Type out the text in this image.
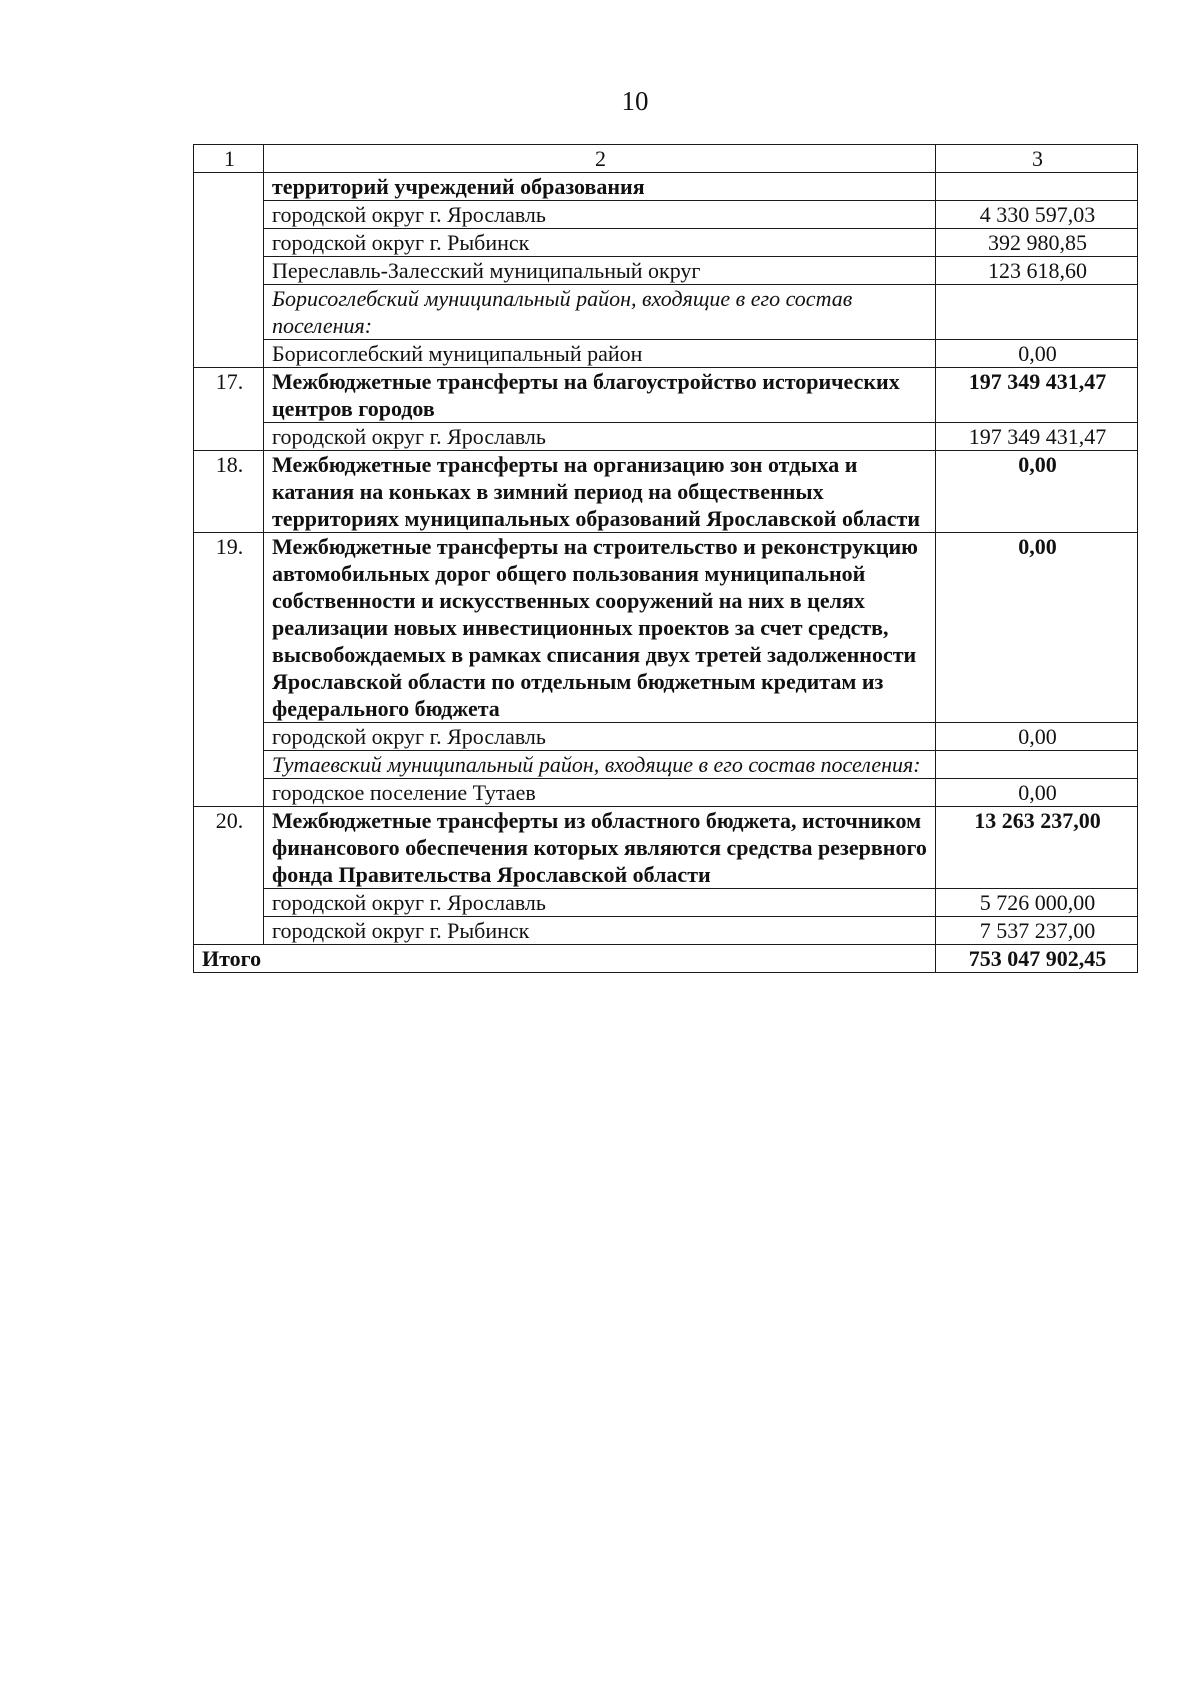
10
1	2	3
	территорий учреждений образования	
	городской округ г. Ярославль	4 330 597,03
	городской округ г. Рыбинск	392 980,85
	Переславль-Залесский муниципальный округ	123 618,60
	Борисоглебский муниципальный район, входящие в его состав поселения:	
	Борисоглебский муниципальный район	0,00
17.	Межбюджетные трансферты на благоустройство исторических центров городов	197 349 431,47
	городской округ г. Ярославль	197 349 431,47
18.	Межбюджетные трансферты на организацию зон отдыха и катания на коньках в зимний период на общественных территориях муниципальных образований Ярославской области	0,00
19.	Межбюджетные трансферты на строительство и реконструкцию автомобильных дорог общего пользования муниципальной собственности и искусственных сооружений на них в целях реализации новых инвестиционных проектов за счет средств, высвобождаемых в рамках списания двух третей задолженности Ярославской области по отдельным бюджетным кредитам из федерального бюджета	0,00
	городской округ г. Ярославль	0,00
	Тутаевский муниципальный район, входящие в его состав поселения:	
	городское поселение Тутаев	0,00
20.	Межбюджетные трансферты из областного бюджета, источником финансового обеспечения которых являются средства резервного фонда Правительства Ярославской области	13 263 237,00
	городской округ г. Ярославль	5 726 000,00
	городской округ г. Рыбинск	7 537 237,00
Итого		753 047 902,45
